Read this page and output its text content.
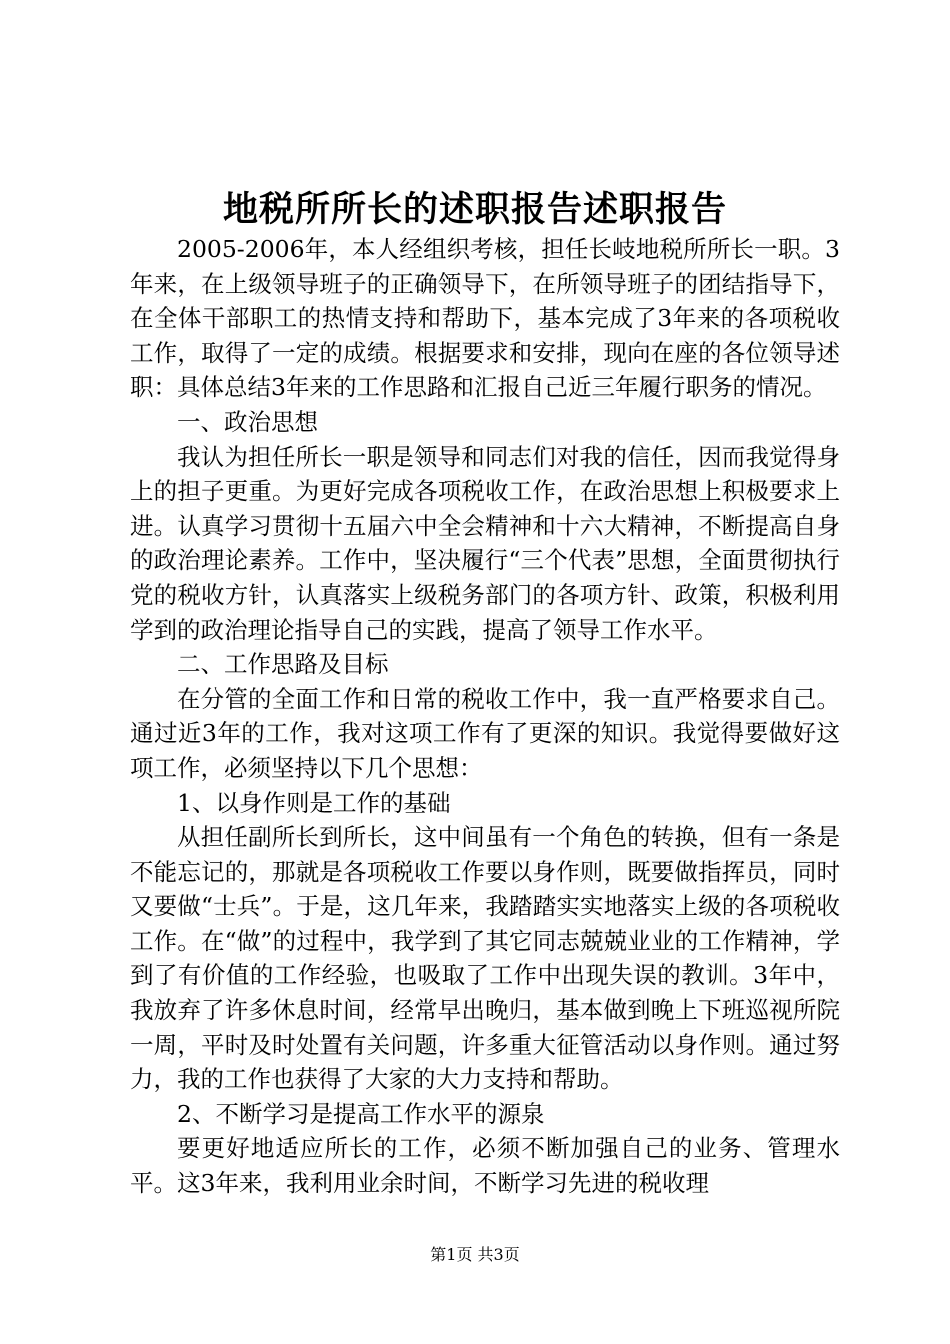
地税所所长的述职报告述职报告

2005-2006年，本人经组织考核，担任长岐地税所所长一职。3年来，在上级领导班子的正确领导下，在所领导班子的团结指导下，在全体干部职工的热情支持和帮助下，基本完成了3年来的各项税收工作，取得了一定的成绩。根据要求和安排，现向在座的各位领导述职：具体总结3年来的工作思路和汇报自己近三年履行职务的情况。

一、政治思想

我认为担任所长一职是领导和同志们对我的信任，因而我觉得身上的担子更重。为更好完成各项税收工作，在政治思想上积极要求上进。认真学习贯彻十五届六中全会精神和十六大精神，不断提高自身的政治理论素养。工作中，坚决履行“三个代表”思想，全面贯彻执行党的税收方针，认真落实上级税务部门的各项方针、政策，积极利用学到的政治理论指导自己的实践，提高了领导工作水平。

二、工作思路及目标

在分管的全面工作和日常的税收工作中，我一直严格要求自己。通过近3年的工作，我对这项工作有了更深的知识。我觉得要做好这项工作，必须坚持以下几个思想：

1、以身作则是工作的基础

从担任副所长到所长，这中间虽有一个角色的转换，但有一条是不能忘记的，那就是各项税收工作要以身作则，既要做指挥员，同时又要做“士兵”。于是，这几年来，我踏踏实实地落实上级的各项税收工作。在“做”的过程中，我学到了其它同志兢兢业业的工作精神，学到了有价值的工作经验，也吸取了工作中出现失误的教训。3年中，我放弃了许多休息时间，经常早出晚归，基本做到晚上下班巡视所院一周，平时及时处置有关问题，许多重大征管活动以身作则。通过努力，我的工作也获得了大家的大力支持和帮助。

2、不断学习是提高工作水平的源泉

要更好地适应所长的工作，必须不断加强自己的业务、管理水平。这3年来，我利用业余时间，不断学习先进的税收理

第1页 共3页
